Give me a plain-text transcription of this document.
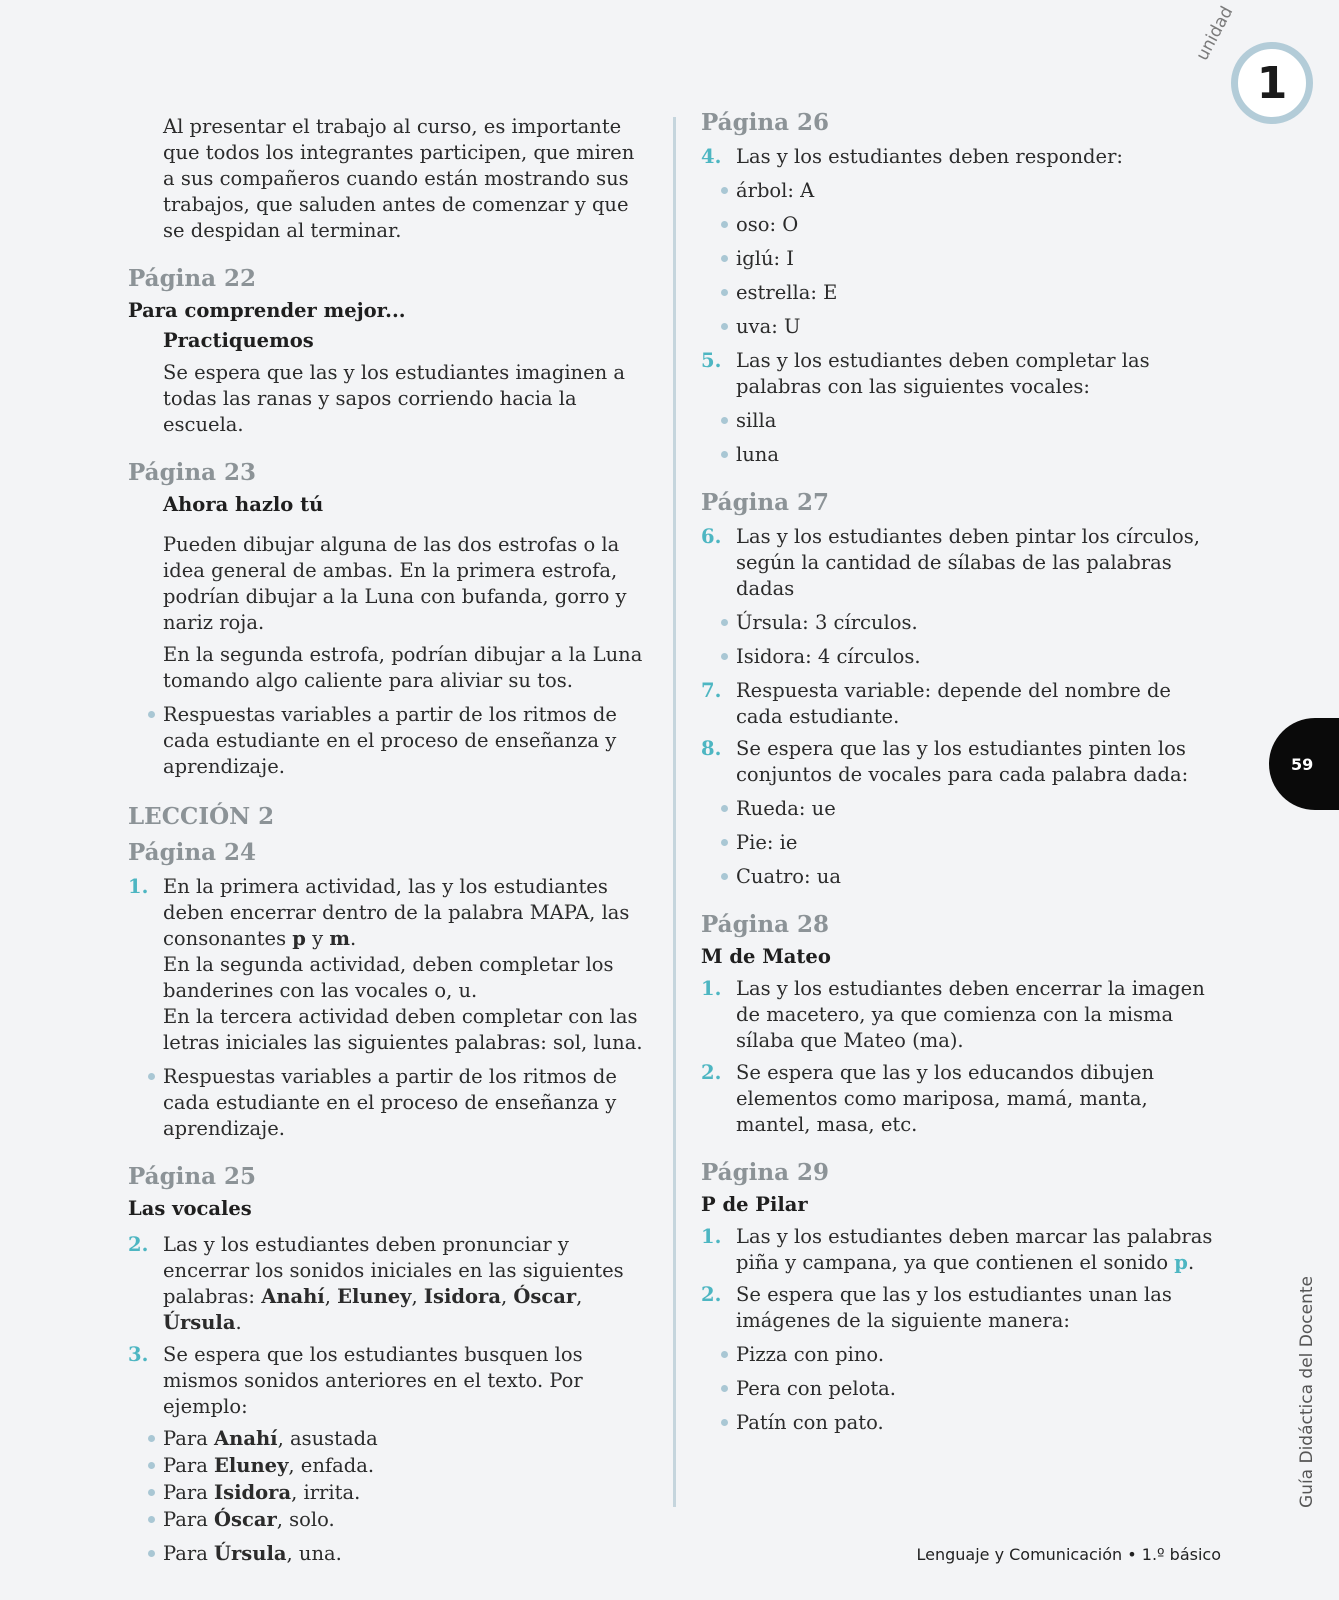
Al presentar el trabajo al curso, es importante que todos los integrantes participen, que miren a sus compañeros cuando están mostrando sus trabajos, que saluden antes de comenzar y que se despidan al terminar.
Página 22
Para comprender mejor...
Practiquemos
Se espera que las y los estudiantes imaginen a todas las ranas y sapos corriendo hacia la escuela.
Página 23
Ahora hazlo tú
Pueden dibujar alguna de las dos estrofas o la idea general de ambas. En la primera estrofa, podrían dibujar a la Luna con bufanda, gorro y nariz roja.
En la segunda estrofa, podrían dibujar a la Luna tomando algo caliente para aliviar su tos.
Respuestas variables a partir de los ritmos de cada estudiante en el proceso de enseñanza y aprendizaje.
LECCIÓN 2
Página 24
1. En la primera actividad, las y los estudiantes deben encerrar dentro de la palabra MAPA, las consonantes p y m.
En la segunda actividad, deben completar los banderines con las vocales o, u.
En la tercera actividad deben completar con las letras iniciales las siguientes palabras: sol, luna.
Respuestas variables a partir de los ritmos de cada estudiante en el proceso de enseñanza y aprendizaje.
Página 25
Las vocales
2. Las y los estudiantes deben pronunciar y encerrar los sonidos iniciales en las siguientes palabras: Anahí, Eluney, Isidora, Óscar, Úrsula.
3. Se espera que los estudiantes busquen los mismos sonidos anteriores en el texto. Por ejemplo:
Para Anahí, asustada
Para Eluney, enfada.
Para Isidora, irrita.
Para Óscar, solo.
Para Úrsula, una.
Página 26
4. Las y los estudiantes deben responder:
árbol: A
oso: O
iglú: I
estrella: E
uva: U
5. Las y los estudiantes deben completar las palabras con las siguientes vocales:
silla
luna
Página 27
6. Las y los estudiantes deben pintar los círculos, según la cantidad de sílabas de las palabras dadas
Úrsula: 3 círculos.
Isidora: 4 círculos.
7. Respuesta variable: depende del nombre de cada estudiante.
8. Se espera que las y los estudiantes pinten los conjuntos de vocales para cada palabra dada:
Rueda: ue
Pie: ie
Cuatro: ua
Página 28
M de Mateo
1. Las y los estudiantes deben encerrar la imagen de macetero, ya que comienza con la misma sílaba que Mateo (ma).
2. Se espera que las y los educandos dibujen elementos como mariposa, mamá, manta, mantel, masa, etc.
Página 29
P de Pilar
1. Las y los estudiantes deben marcar las palabras piña y campana, ya que contienen el sonido p.
2. Se espera que las y los estudiantes unan las imágenes de la siguiente manera:
Pizza con pino.
Pera con pelota.
Patín con pato.
unidad
1
59
Guía Didáctica del Docente
Lenguaje y Comunicación • 1.º básico
